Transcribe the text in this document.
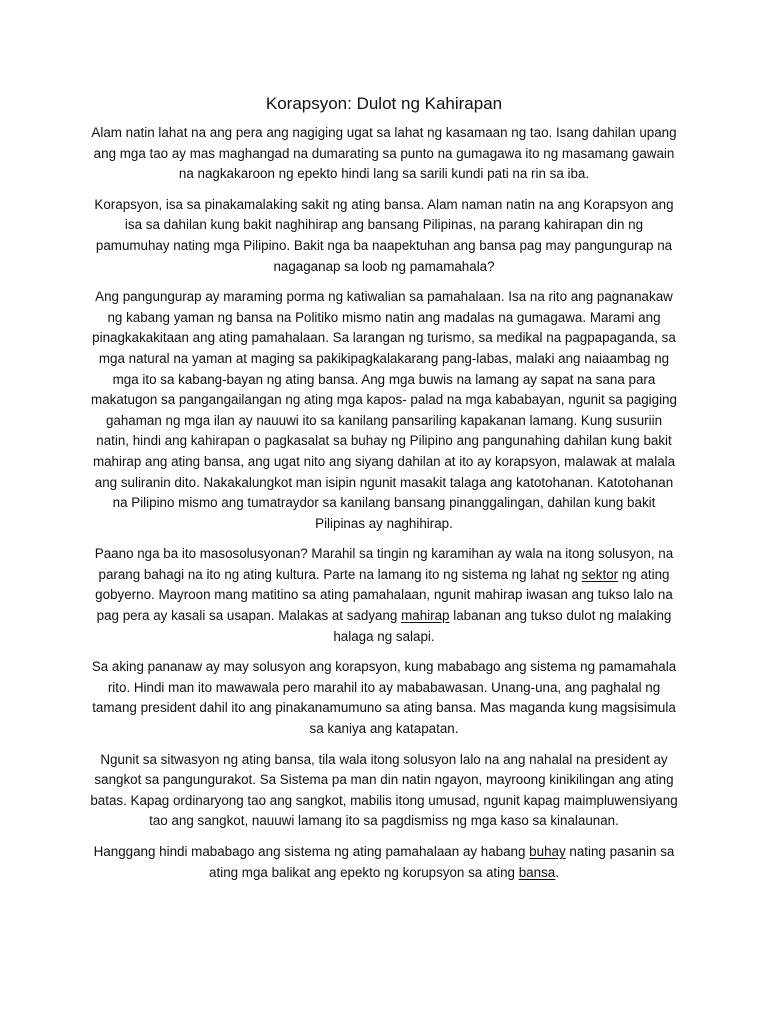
Korapsyon: Dulot ng Kahirapan

Alam natin lahat na ang pera ang nagiging ugat sa lahat ng kasamaan ng tao. Isang dahilan upang ang mga tao ay mas maghangad na dumarating sa punto na gumagawa ito ng masamang gawain na nagkakaroon ng epekto hindi lang sa sarili kundi pati na rin sa iba.

Korapsyon, isa sa pinakamalaking sakit ng ating bansa. Alam naman natin na ang Korapsyon ang isa sa dahilan kung bakit naghihirap ang bansang Pilipinas, na parang kahirapan din ng pamumuhay nating mga Pilipino. Bakit nga ba naapektuhan ang bansa pag may pangungurap na nagaganap sa loob ng pamamahala?

Ang pangungurap ay maraming porma ng katiwalian sa pamahalaan. Isa na rito ang pagnanakaw ng kabang yaman ng bansa na Politiko mismo natin ang madalas na gumagawa. Marami ang pinagkakakitaan ang ating pamahalaan. Sa larangan ng turismo, sa medikal na pagpapaganda, sa mga natural na yaman at maging sa pakikipagkalakarang pang-labas, malaki ang naiaambag ng mga ito sa kabang-bayan ng ating bansa. Ang mga buwis na lamang ay sapat na sana para makatugon sa pangangailangan ng ating mga kapos- palad na mga kababayan, ngunit sa pagiging gahaman ng mga ilan ay nauuwi ito sa kanilang pansariling kapakanan lamang. Kung susuriin natin, hindi ang kahirapan o pagkasalat sa buhay ng Pilipino ang pangunahing dahilan kung bakit mahirap ang ating bansa, ang ugat nito ang siyang dahilan at ito ay korapsyon, malawak at malala ang suliranin dito. Nakakalungkot man isipin ngunit masakit talaga ang katotohanan. Katotohanan na Pilipino mismo ang tumatraydor sa kanilang bansang pinanggalingan, dahilan kung bakit Pilipinas ay naghihirap.

Paano nga ba ito masosolusyonan? Marahil sa tingin ng karamihan ay wala na itong solusyon, na parang bahagi na ito ng ating kultura. Parte na lamang ito ng sistema ng lahat ng sektor ng ating gobyerno. Mayroon mang matitino sa ating pamahalaan, ngunit mahirap iwasan ang tukso lalo na pag pera ay kasali sa usapan. Malakas at sadyang mahirap labanan ang tukso dulot ng malaking halaga ng salapi.

Sa aking pananaw ay may solusyon ang korapsyon, kung mababago ang sistema ng pamamahala rito. Hindi man ito mawawala pero marahil ito ay mababawasan. Unang-una, ang paghalal ng tamang president dahil ito ang pinakanamumuno sa ating bansa. Mas maganda kung magsisimula sa kaniya ang katapatan.

Ngunit sa sitwasyon ng ating bansa, tila wala itong solusyon lalo na ang nahalal na president ay sangkot sa pangungurakot. Sa Sistema pa man din natin ngayon, mayroong kinikilingan ang ating batas. Kapag ordinaryong tao ang sangkot, mabilis itong umusad, ngunit kapag maimpluwensiyang tao ang sangkot, nauuwi lamang ito sa pagdismiss ng mga kaso sa kinalaunan.

Hanggang hindi mababago ang sistema ng ating pamahalaan ay habang buhay nating pasanin sa ating mga balikat ang epekto ng korupsyon sa ating bansa.
